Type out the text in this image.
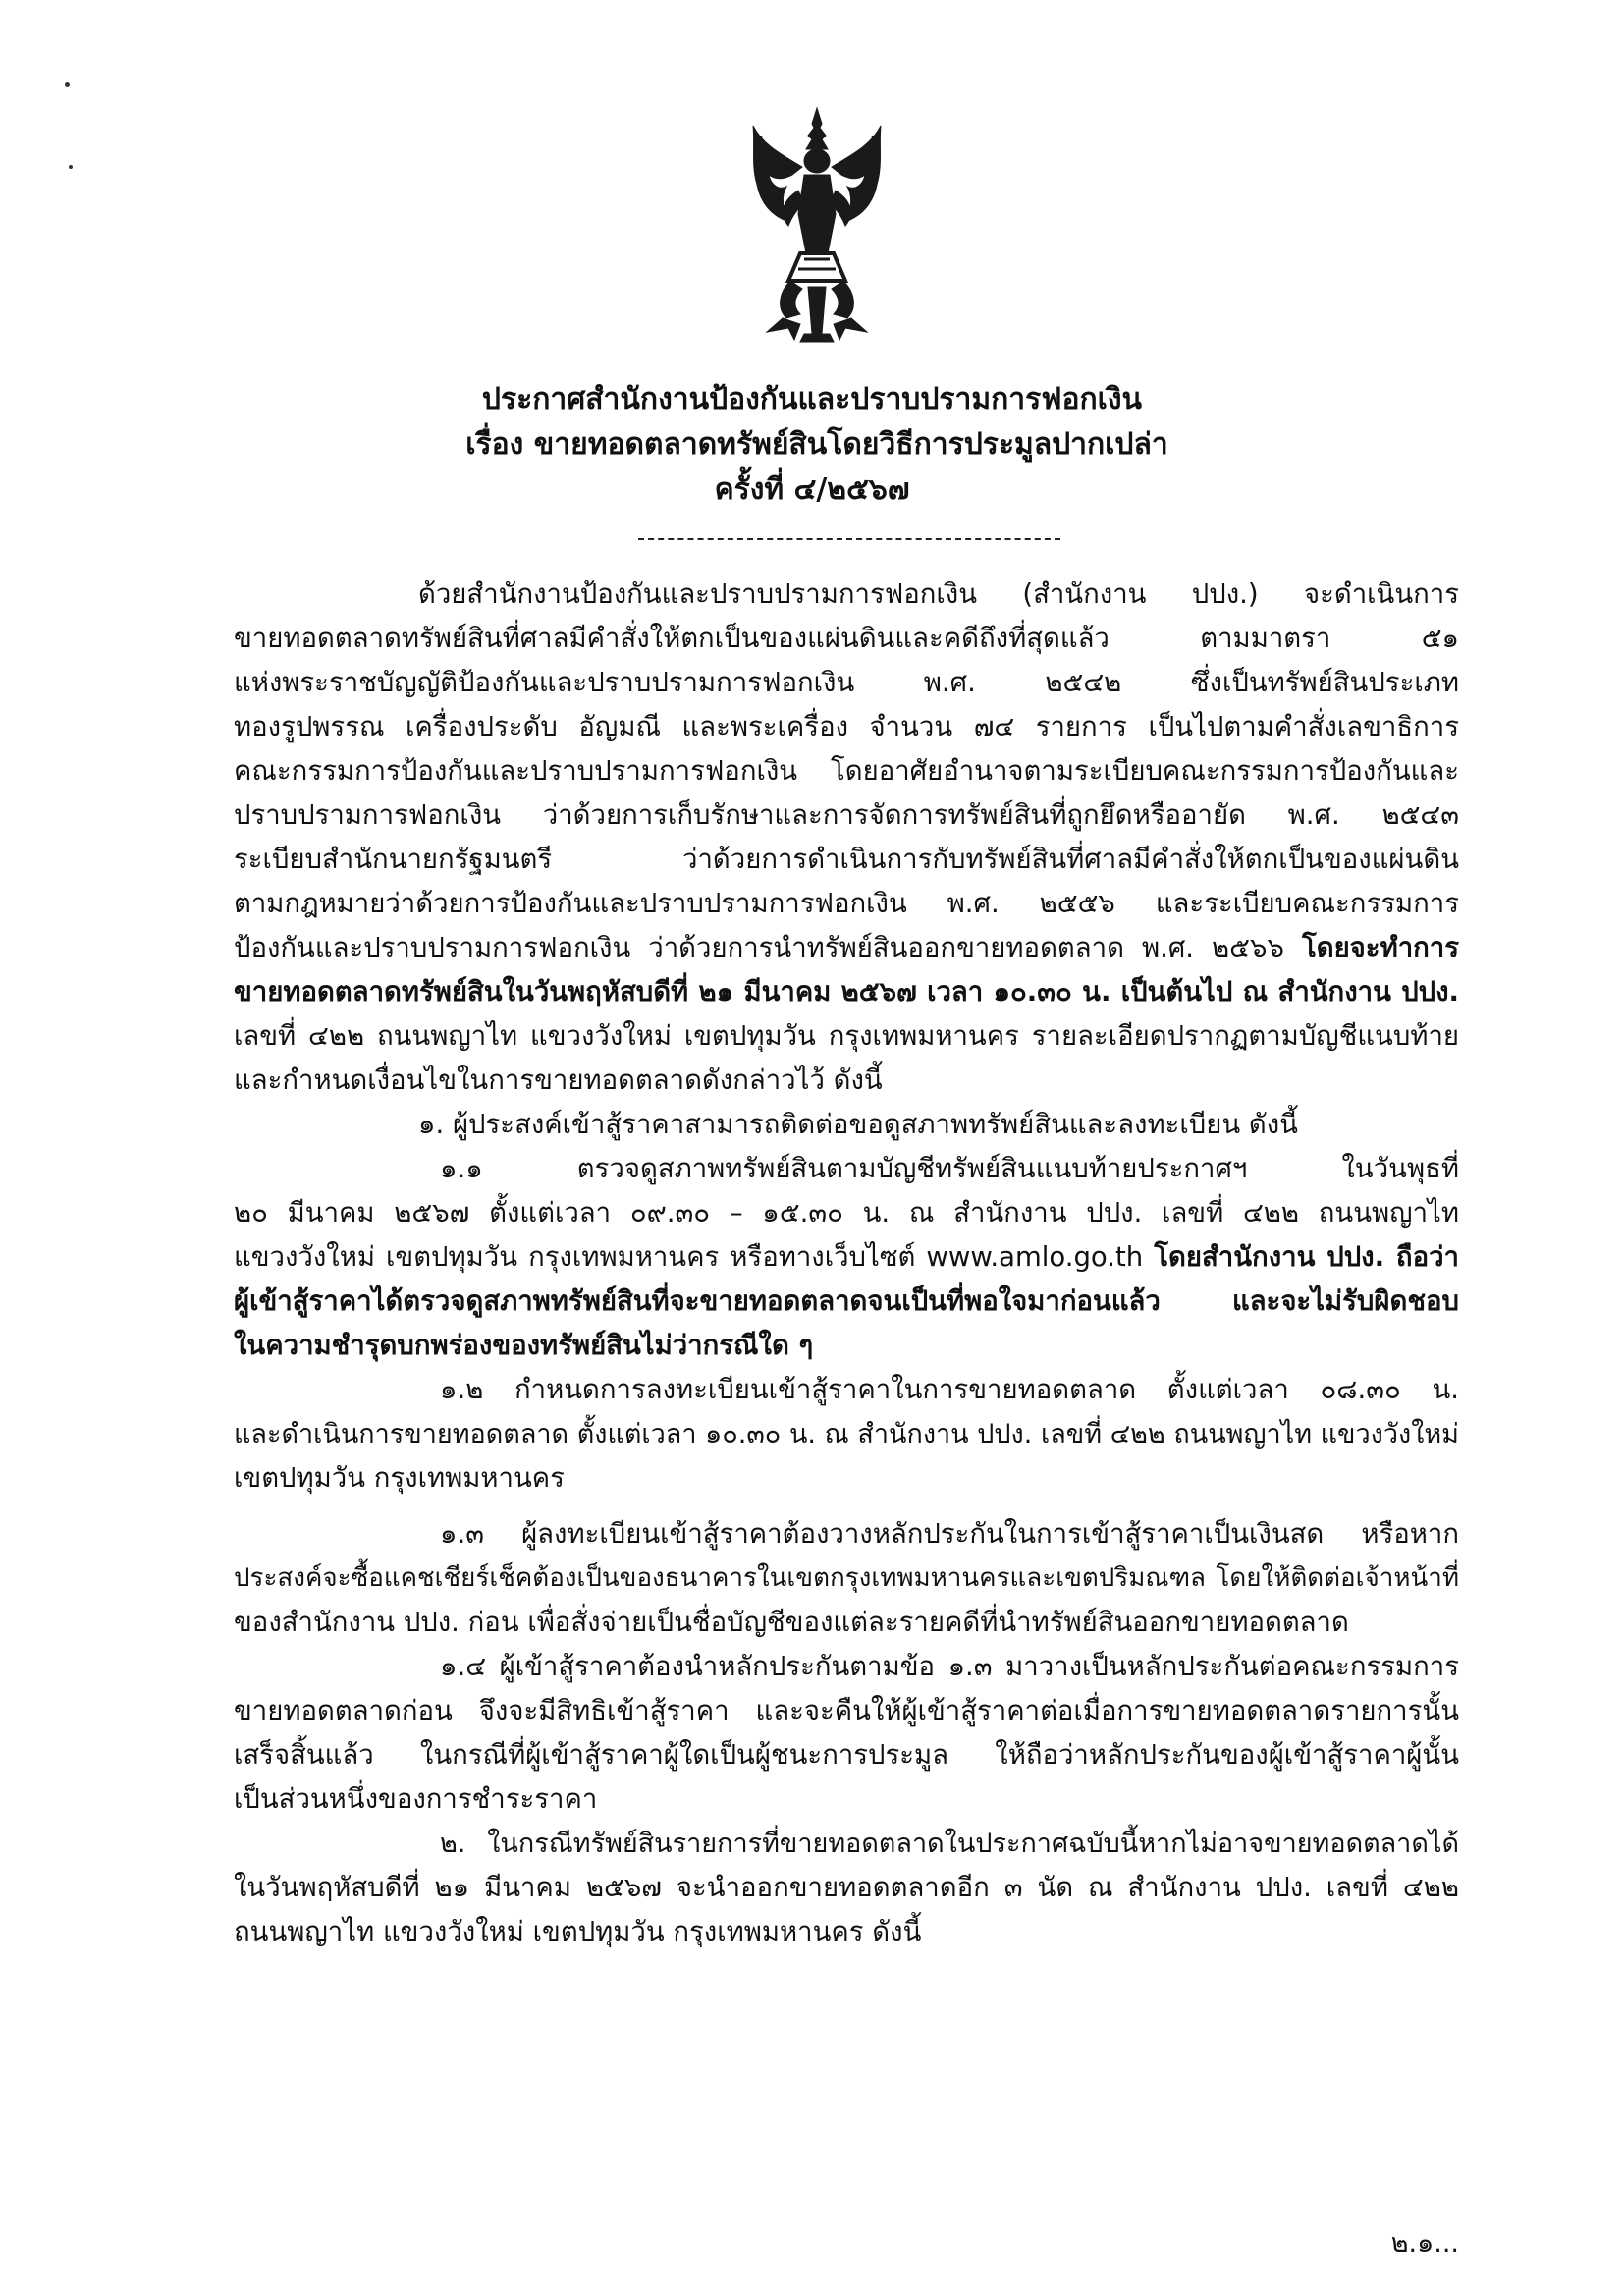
ประกาศสำนักงานป้องกันและปราบปรามการฟอกเงิน
เรื่อง ขายทอดตลาดทรัพย์สินโดยวิธีการประมูลปากเปล่า
ครั้งที่ ๔/๒๕๖๗
ด้วยสำนักงานป้องกันและปราบปรามการฟอกเงิน (สำนักงาน ปปง.) จะดำเนินการ
ขายทอดตลาดทรัพย์สินที่ศาลมีคำสั่งให้ตกเป็นของแผ่นดินและคดีถึงที่สุดแล้ว ตามมาตรา ๕๑
แห่งพระราชบัญญัติป้องกันและปราบปรามการฟอกเงิน พ.ศ. ๒๕๔๒ ซึ่งเป็นทรัพย์สินประเภท
ทองรูปพรรณ เครื่องประดับ อัญมณี และพระเครื่อง จำนวน ๗๔ รายการ เป็นไปตามคำสั่งเลขาธิการ
คณะกรรมการป้องกันและปราบปรามการฟอกเงิน โดยอาศัยอำนาจตามระเบียบคณะกรรมการป้องกันและ
ปราบปรามการฟอกเงิน ว่าด้วยการเก็บรักษาและการจัดการทรัพย์สินที่ถูกยึดหรืออายัด พ.ศ. ๒๕๔๓
ระเบียบสำนักนายกรัฐมนตรี ว่าด้วยการดำเนินการกับทรัพย์สินที่ศาลมีคำสั่งให้ตกเป็นของแผ่นดิน
ตามกฎหมายว่าด้วยการป้องกันและปราบปรามการฟอกเงิน พ.ศ. ๒๕๕๖ และระเบียบคณะกรรมการ
ป้องกันและปราบปรามการฟอกเงิน ว่าด้วยการนำทรัพย์สินออกขายทอดตลาด พ.ศ. ๒๕๖๖ โดยจะทำการ
ขายทอดตลาดทรัพย์สินในวันพฤหัสบดีที่ ๒๑ มีนาคม ๒๕๖๗ เวลา ๑๐.๓๐ น. เป็นต้นไป ณ สำนักงาน ปปง.
เลขที่ ๔๒๒ ถนนพญาไท แขวงวังใหม่ เขตปทุมวัน กรุงเทพมหานคร รายละเอียดปรากฏตามบัญชีแนบท้าย
และกำหนดเงื่อนไขในการขายทอดตลาดดังกล่าวไว้ ดังนี้
๑. ผู้ประสงค์เข้าสู้ราคาสามารถติดต่อขอดูสภาพทรัพย์สินและลงทะเบียน ดังนี้
๑.๑ ตรวจดูสภาพทรัพย์สินตามบัญชีทรัพย์สินแนบท้ายประกาศฯ ในวันพุธที่
๒๐ มีนาคม ๒๕๖๗ ตั้งแต่เวลา ๐๙.๓๐ – ๑๕.๓๐ น. ณ สำนักงาน ปปง. เลขที่ ๔๒๒ ถนนพญาไท
แขวงวังใหม่ เขตปทุมวัน กรุงเทพมหานคร หรือทางเว็บไซต์ www.amlo.go.th โดยสำนักงาน ปปง. ถือว่า
ผู้เข้าสู้ราคาได้ตรวจดูสภาพทรัพย์สินที่จะขายทอดตลาดจนเป็นที่พอใจมาก่อนแล้ว และจะไม่รับผิดชอบ
ในความชำรุดบกพร่องของทรัพย์สินไม่ว่ากรณีใด ๆ
๑.๒ กำหนดการลงทะเบียนเข้าสู้ราคาในการขายทอดตลาด ตั้งแต่เวลา ๐๘.๓๐ น.
และดำเนินการขายทอดตลาด ตั้งแต่เวลา ๑๐.๓๐ น. ณ สำนักงาน ปปง. เลขที่ ๔๒๒ ถนนพญาไท แขวงวังใหม่
เขตปทุมวัน กรุงเทพมหานคร
๑.๓ ผู้ลงทะเบียนเข้าสู้ราคาต้องวางหลักประกันในการเข้าสู้ราคาเป็นเงินสด หรือหาก
ประสงค์จะซื้อแคชเชียร์เช็คต้องเป็นของธนาคารในเขตกรุงเทพมหานครและเขตปริมณฑล โดยให้ติดต่อเจ้าหน้าที่
ของสำนักงาน ปปง. ก่อน เพื่อสั่งจ่ายเป็นชื่อบัญชีของแต่ละรายคดีที่นำทรัพย์สินออกขายทอดตลาด
๑.๔ ผู้เข้าสู้ราคาต้องนำหลักประกันตามข้อ ๑.๓ มาวางเป็นหลักประกันต่อคณะกรรมการ
ขายทอดตลาดก่อน จึงจะมีสิทธิเข้าสู้ราคา และจะคืนให้ผู้เข้าสู้ราคาต่อเมื่อการขายทอดตลาดรายการนั้น
เสร็จสิ้นแล้ว ในกรณีที่ผู้เข้าสู้ราคาผู้ใดเป็นผู้ชนะการประมูล ให้ถือว่าหลักประกันของผู้เข้าสู้ราคาผู้นั้น
เป็นส่วนหนึ่งของการชำระราคา
๒. ในกรณีทรัพย์สินรายการที่ขายทอดตลาดในประกาศฉบับนี้หากไม่อาจขายทอดตลาดได้
ในวันพฤหัสบดีที่ ๒๑ มีนาคม ๒๕๖๗ จะนำออกขายทอดตลาดอีก ๓ นัด ณ สำนักงาน ปปง. เลขที่ ๔๒๒
ถนนพญาไท แขวงวังใหม่ เขตปทุมวัน กรุงเทพมหานคร ดังนี้
๒.๑...
